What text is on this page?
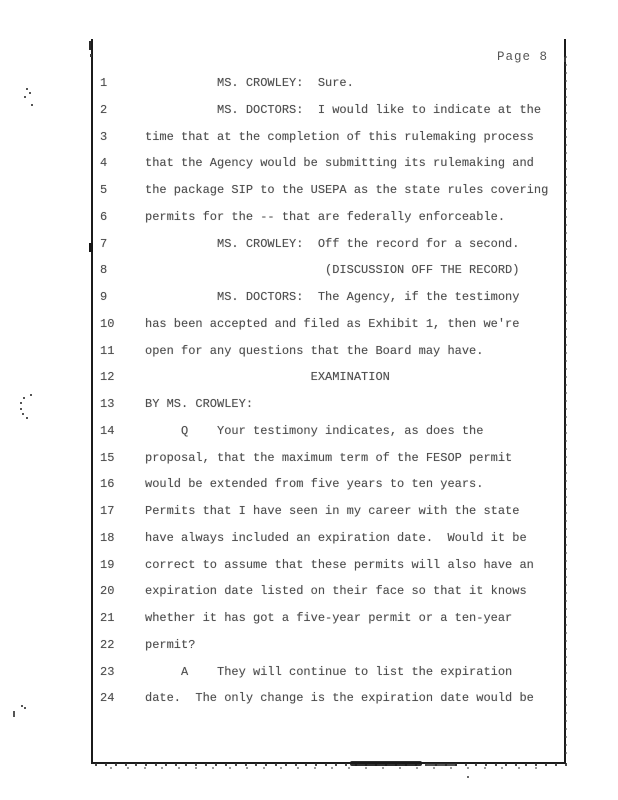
Page 8
1	MS. CROWLEY:  Sure.
2	MS. DOCTORS:  I would like to indicate at the
3	time that at the completion of this rulemaking process
4	that the Agency would be submitting its rulemaking and
5	the package SIP to the USEPA as the state rules covering
6	permits for the -- that are federally enforceable.
7	MS. CROWLEY:  Off the record for a second.
8	(DISCUSSION OFF THE RECORD)
9	MS. DOCTORS:  The Agency, if the testimony
10	has been accepted and filed as Exhibit 1, then we're
11	open for any questions that the Board may have.
12	EXAMINATION
13	BY MS. CROWLEY:
14	Q    Your testimony indicates, as does the
15	proposal, that the maximum term of the FESOP permit
16	would be extended from five years to ten years.
17	Permits that I have seen in my career with the state
18	have always included an expiration date.  Would it be
19	correct to assume that these permits will also have an
20	expiration date listed on their face so that it knows
21	whether it has got a five-year permit or a ten-year
22	permit?
23	A    They will continue to list the expiration
24	date.  The only change is the expiration date would be
